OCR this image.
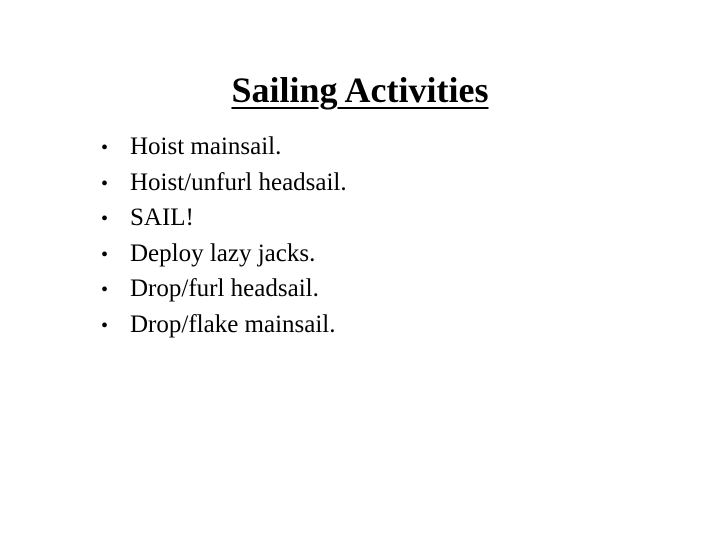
Sailing Activities
• Hoist mainsail.
• Hoist/unfurl headsail.
• SAIL!
• Deploy lazy jacks.
• Drop/furl headsail.
• Drop/flake mainsail.
